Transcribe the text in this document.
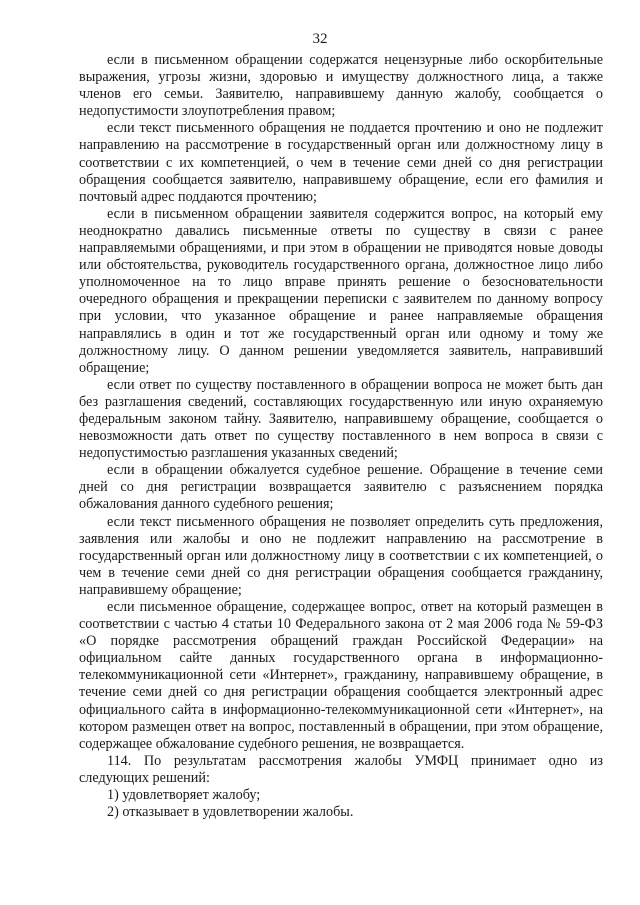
32

если в письменном обращении содержатся нецензурные либо оскорбительные выражения, угрозы жизни, здоровью и имуществу должностного лица, а также членов его семьи. Заявителю, направившему данную жалобу, сообщается о недопустимости злоупотребления правом;

если текст письменного обращения не поддается прочтению и оно не подлежит направлению на рассмотрение в государственный орган или должностному лицу в соответствии с их компетенцией, о чем в течение семи дней со дня регистрации обращения сообщается заявителю, направившему обращение, если его фамилия и почтовый адрес поддаются прочтению;

если в письменном обращении заявителя содержится вопрос, на который ему неоднократно давались письменные ответы по существу в связи с ранее направляемыми обращениями, и при этом в обращении не приводятся новые доводы или обстоятельства, руководитель государственного органа, должностное лицо либо уполномоченное на то лицо вправе принять решение о безосновательности очередного обращения и прекращении переписки с заявителем по данному вопросу при условии, что указанное обращение и ранее направляемые обращения направлялись в один и тот же государственный орган или одному и тому же должностному лицу. О данном решении уведомляется заявитель, направивший обращение;

если ответ по существу поставленного в обращении вопроса не может быть дан без разглашения сведений, составляющих государственную или иную охраняемую федеральным законом тайну. Заявителю, направившему обращение, сообщается о невозможности дать ответ по существу поставленного в нем вопроса в связи с недопустимостью разглашения указанных сведений;

если в обращении обжалуется судебное решение. Обращение в течение семи дней со дня регистрации возвращается заявителю с разъяснением порядка обжалования данного судебного решения;

если текст письменного обращения не позволяет определить суть предложения, заявления или жалобы и оно не подлежит направлению на рассмотрение в государственный орган или должностному лицу в соответствии с их компетенцией, о чем в течение семи дней со дня регистрации обращения сообщается гражданину, направившему обращение;

если письменное обращение, содержащее вопрос, ответ на который размещен в соответствии с частью 4 статьи 10 Федерального закона от 2 мая 2006 года № 59-ФЗ «О порядке рассмотрения обращений граждан Российской Федерации» на официальном сайте данных государственного органа в информационно-телекоммуникационной сети «Интернет», гражданину, направившему обращение, в течение семи дней со дня регистрации обращения сообщается электронный адрес официального сайта в информационно-телекоммуникационной сети «Интернет», на котором размещен ответ на вопрос, поставленный в обращении, при этом обращение, содержащее обжалование судебного решения, не возвращается.

114. По результатам рассмотрения жалобы УМФЦ принимает одно из следующих решений:

1) удовлетворяет жалобу;

2) отказывает в удовлетворении жалобы.
